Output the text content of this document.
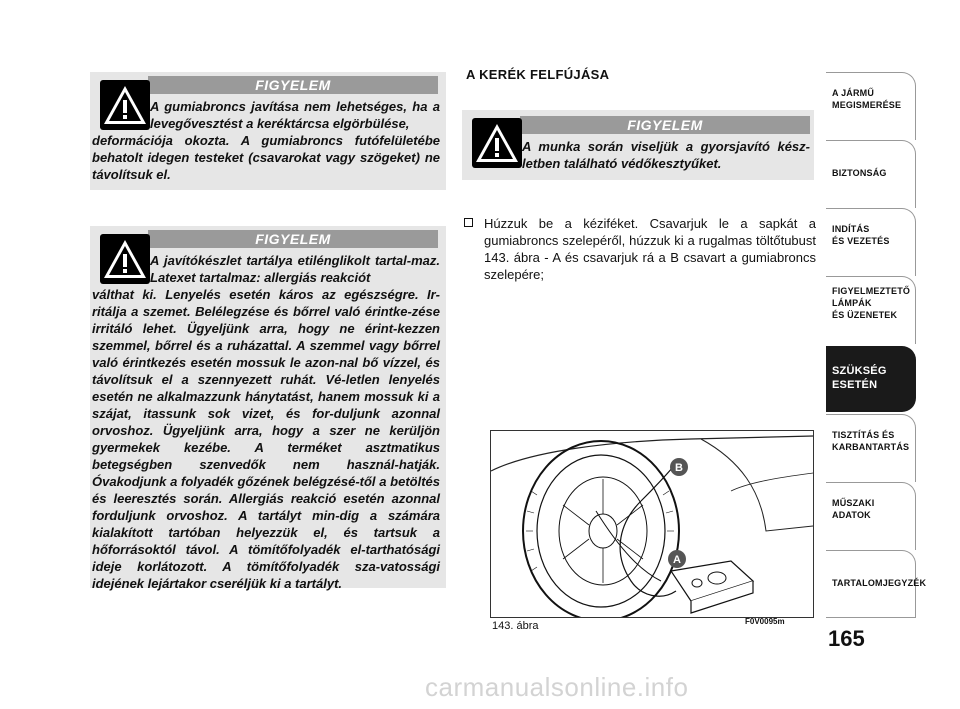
FIGYELEM
A gumiabroncs javítása nem lehetséges, ha a levegővesztést a keréktárcsa elgörbülése,
deformációja okozta. A gumiabroncs futófelületébe behatolt idegen testeket (csavarokat vagy szögeket) ne távolítsuk el.
FIGYELEM
A javítókészlet tartálya etilénglikolt tartal-maz. Latexet tartalmaz: allergiás reakciót
válthat ki. Lenyelés esetén káros az egészségre. Ir-ritálja a szemet. Belélegzése és bőrrel való érintke-zése irritáló lehet. Ügyeljünk arra, hogy ne érint-kezzen szemmel, bőrrel és a ruházattal. A szemmel vagy bőrrel való érintkezés esetén mossuk le azon-nal bő vízzel, és távolítsuk el a szennyezett ruhát. Vé-letlen lenyelés esetén ne alkalmazzunk hánytatást, hanem mossuk ki a szájat, itassunk sok vizet, és for-duljunk azonnal orvoshoz. Ügyeljünk arra, hogy a szer ne kerüljön gyermekek kezébe. A terméket asztmatikus betegségben szenvedők nem használ-hatják. Óvakodjunk a folyadék gőzének belégzésé-től a betöltés és leeresztés során. Allergiás reakció esetén azonnal forduljunk orvoshoz. A tartályt min-dig a számára kialakított tartóban helyezzük el, és tartsuk a hőforrásoktól távol. A tömítőfolyadék el-tarthatósági ideje korlátozott. A tömítőfolyadék sza-vatossági idejének lejártakor cseréljük ki a tartályt.
A KERÉK FELFÚJÁSA
FIGYELEM
A munka során viseljük a gyorsjavító kész-letben található védőkesztyűket.
Húzzuk be a kéziféket. Csavarjuk le a sapkát a gumiabroncs szelepéről, húzzuk ki a rugalmas töltőtubust 143. ábra - A és csavarjuk rá a B csavart a gumiabroncs szelepére;
B
A
143. ábra	F0V0095m
A JÁRMŰ
MEGISMERÉSE
BIZTONSÁG
INDÍTÁS
ÉS VEZETÉS
FIGYELMEZTETŐ
LÁMPÁK
ÉS ÜZENETEK
SZÜKSÉG
ESETÉN
TISZTÍTÁS ÉS
KARBANTARTÁS
MŰSZAKI
ADATOK
TARTALOMJEGYZÉK
165
carmanualsonline.info
